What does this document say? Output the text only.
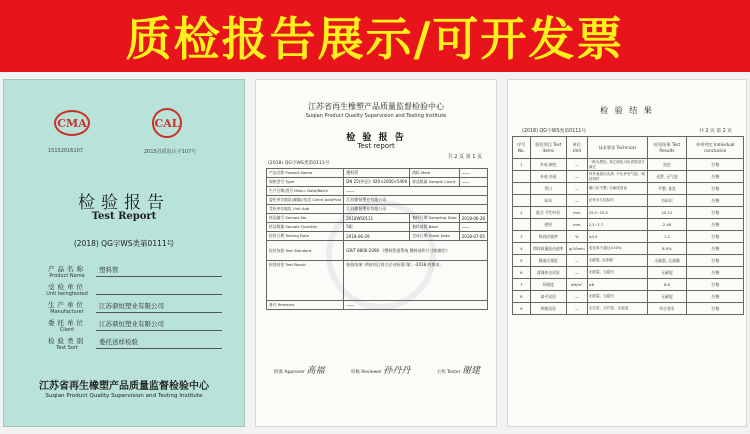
质检报告展示/可开发票
CMA	CAL
15152016107	2015苏质监认字107号
检验报告
Test Report
(2018) QG字WS类第0111号
产品名称
Product Name
塑料管
受检单位
Unit beingtested
生产单位
Manufacturer
江苏鼎恒塑业有限公司
委托单位
Client
江苏鼎恒塑业有限公司
检验类别
Test Sort
委托送样检验
江苏省再生橡塑产品质量监督检验中心
Suqian Product Quality Supervision and Testing Institute
江苏省再生橡塑产品质量监督检验中心
Suqian Product Quality Supervision and Testing Institute
检 验 报 告
Test report
共 2 页 第 1 页
(2018) QG字WS类第0111号
产品名称 Product Name	塑料管	商标 Mark	——
规格型号 Type	DN 25(外径): 420×2000×5400	样品数量 Sample Count	——
生产日期/批号 Manu. Date/Batch	——		
委托单位地址(邮编)/电话 Client Add/Post	江苏鼎恒塑业有限公司		
受检单位地址 Unit Add	江苏鼎恒塑业有限公司		
样品编号 Sample No.	2018WS0111	抽样日期 Sampling Date	2018-06-28
样品数量 Sample Quantity	5根	抽样基数 Base	——
检验日期 Testing Date	2018-06-29	完成日期 Finish Date	2018-07-05
检验依据 Test Standard	GB/T 8806-2008 《塑料管道系统 塑料部件尺寸的测定》		
检验结论 Test Result	检验结果: 所检项目符合企业标准 Q/...-2018 的要求。		
备注 Remarks	——		
批准 Approver 高福	审核 Reviewer 孙丹丹	主检 Tester 谢建
检 验 结 果
(2018) QG字WS类第0111号	共 2 页 第 2 页
序号 No.	检验项目 Test items	单位 Unit	技术要求 Technical	检验结果 Test Results	单项判定 Individual conclusion
1	外观 颜色	—	一般为黑色, 其它颜色可由供需双方商定	黑色	合格
	外观 杂质	—	内外表面应光滑, 不允许有气泡、明显划伤	光滑, 无气泡	合格
	管口	—	端口应平整, 与轴线垂直	平整, 垂直	合格
	标识	—	应有永久性标识	有标识	合格
2	配合 平均外径	mm	25.0~25.3	25.12	合格
	壁厚	mm	2.3~2.7	2.48	合格
3	纵向回缩率	%	≤3.0	1.2	合格
4	熔体质量流动速率	g/10min	变化率不超过±20%	8.0%	合格
5	静液压强度	—	无破裂, 无渗漏	无破裂, 无渗漏	合格
6	落锤冲击试验	—	无破裂、无裂纹	无破裂	合格
7	环刚度	kN/m²	≥8	8.6	合格
8	扁平试验	—	无破裂、无裂纹	无破裂	合格
9	烘箱试验	—	无分层、无开裂、无起泡	符合要求	合格
